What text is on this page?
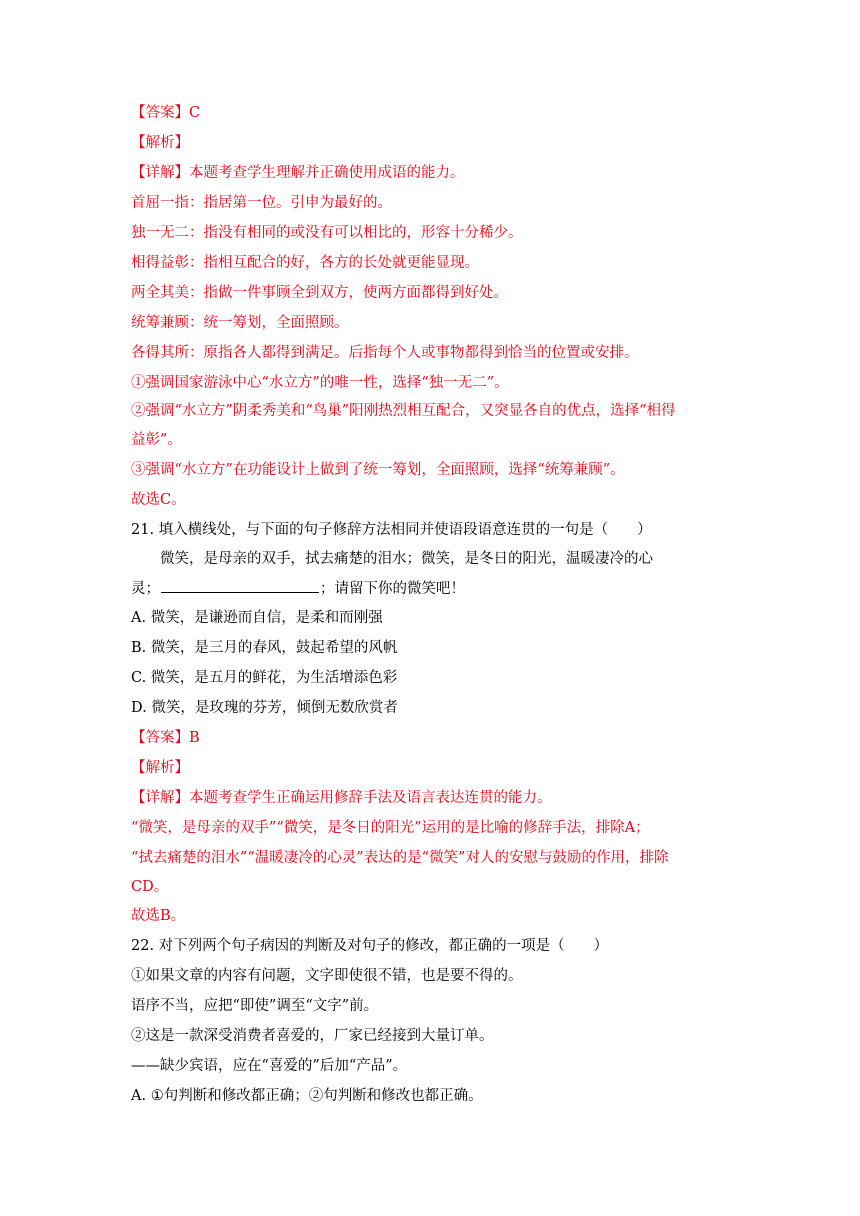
【答案】C
【解析】
【详解】本题考查学生理解并正确使用成语的能力。
首屈一指：指居第一位。引申为最好的。
独一无二：指没有相同的或没有可以相比的，形容十分稀少。
相得益彰：指相互配合的好，各方的长处就更能显现。
两全其美：指做一件事顾全到双方，使两方面都得到好处。
统筹兼顾：统一筹划，全面照顾。
各得其所：原指各人都得到满足。后指每个人或事物都得到恰当的位置或安排。
①强调国家游泳中心“水立方”的唯一性，选择“独一无二”。
②强调“水立方”阴柔秀美和“鸟巢”阳刚热烈相互配合，又突显各自的优点，选择“相得
益彰”。
③强调“水立方”在功能设计上做到了统一筹划，全面照顾，选择“统筹兼顾”。
故选C。
21. 填入横线处，与下面的句子修辞方法相同并使语段语意连贯的一句是（　　）
微笑，是母亲的双手，拭去痛楚的泪水；微笑，是冬日的阳光，温暖凄冷的心
灵；	；请留下你的微笑吧！
A. 微笑，是谦逊而自信，是柔和而刚强
B. 微笑，是三月的春风，鼓起希望的风帆
C. 微笑，是五月的鲜花，为生活增添色彩
D. 微笑，是玫瑰的芬芳，倾倒无数欣赏者
【答案】B
【解析】
【详解】本题考查学生正确运用修辞手法及语言表达连贯的能力。
“微笑，是母亲的双手”“微笑，是冬日的阳光”运用的是比喻的修辞手法，排除A；
“拭去痛楚的泪水”“温暖凄冷的心灵”表达的是“微笑”对人的安慰与鼓励的作用，排除
CD。
故选B。
22. 对下列两个句子病因的判断及对句子的修改，都正确的一项是（　　）
①如果文章的内容有问题，文字即使很不错，也是要不得的。
语序不当，应把“即使”调至“文字”前。
②这是一款深受消费者喜爱的，厂家已经接到大量订单。
——缺少宾语，应在“喜爱的”后加“产品”。
A. ①句判断和修改都正确；②句判断和修改也都正确。
